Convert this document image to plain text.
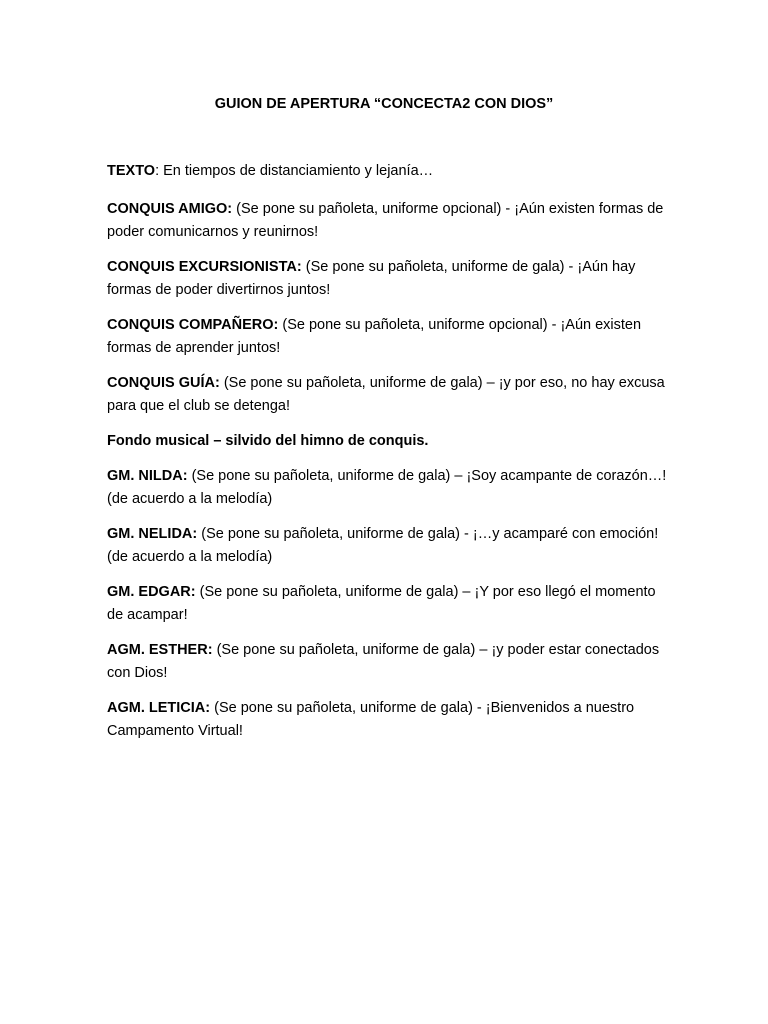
GUION DE APERTURA “CONCECTA2 CON DIOS”

TEXTO: En tiempos de distanciamiento y lejanía…

CONQUIS AMIGO: (Se pone su pañoleta, uniforme opcional) - ¡Aún existen formas de poder comunicarnos y reunirnos!

CONQUIS EXCURSIONISTA: (Se pone su pañoleta, uniforme de gala) - ¡Aún hay formas de poder divertirnos juntos!

CONQUIS COMPAÑERO: (Se pone su pañoleta, uniforme opcional) - ¡Aún existen formas de aprender juntos!

CONQUIS GUÍA: (Se pone su pañoleta, uniforme de gala) – ¡y por eso, no hay excusa para que el club se detenga!

Fondo musical – silvido del himno de conquis.

GM. NILDA: (Se pone su pañoleta, uniforme de gala) – ¡Soy acampante de corazón…! (de acuerdo a la melodía)

GM. NELIDA: (Se pone su pañoleta, uniforme de gala) - ¡…y acamparé con emoción! (de acuerdo a la melodía)

GM. EDGAR: (Se pone su pañoleta, uniforme de gala) – ¡Y por eso llegó el momento de acampar!

AGM. ESTHER: (Se pone su pañoleta, uniforme de gala) – ¡y poder estar conectados con Dios!

AGM. LETICIA: (Se pone su pañoleta, uniforme de gala) - ¡Bienvenidos a nuestro Campamento Virtual!
